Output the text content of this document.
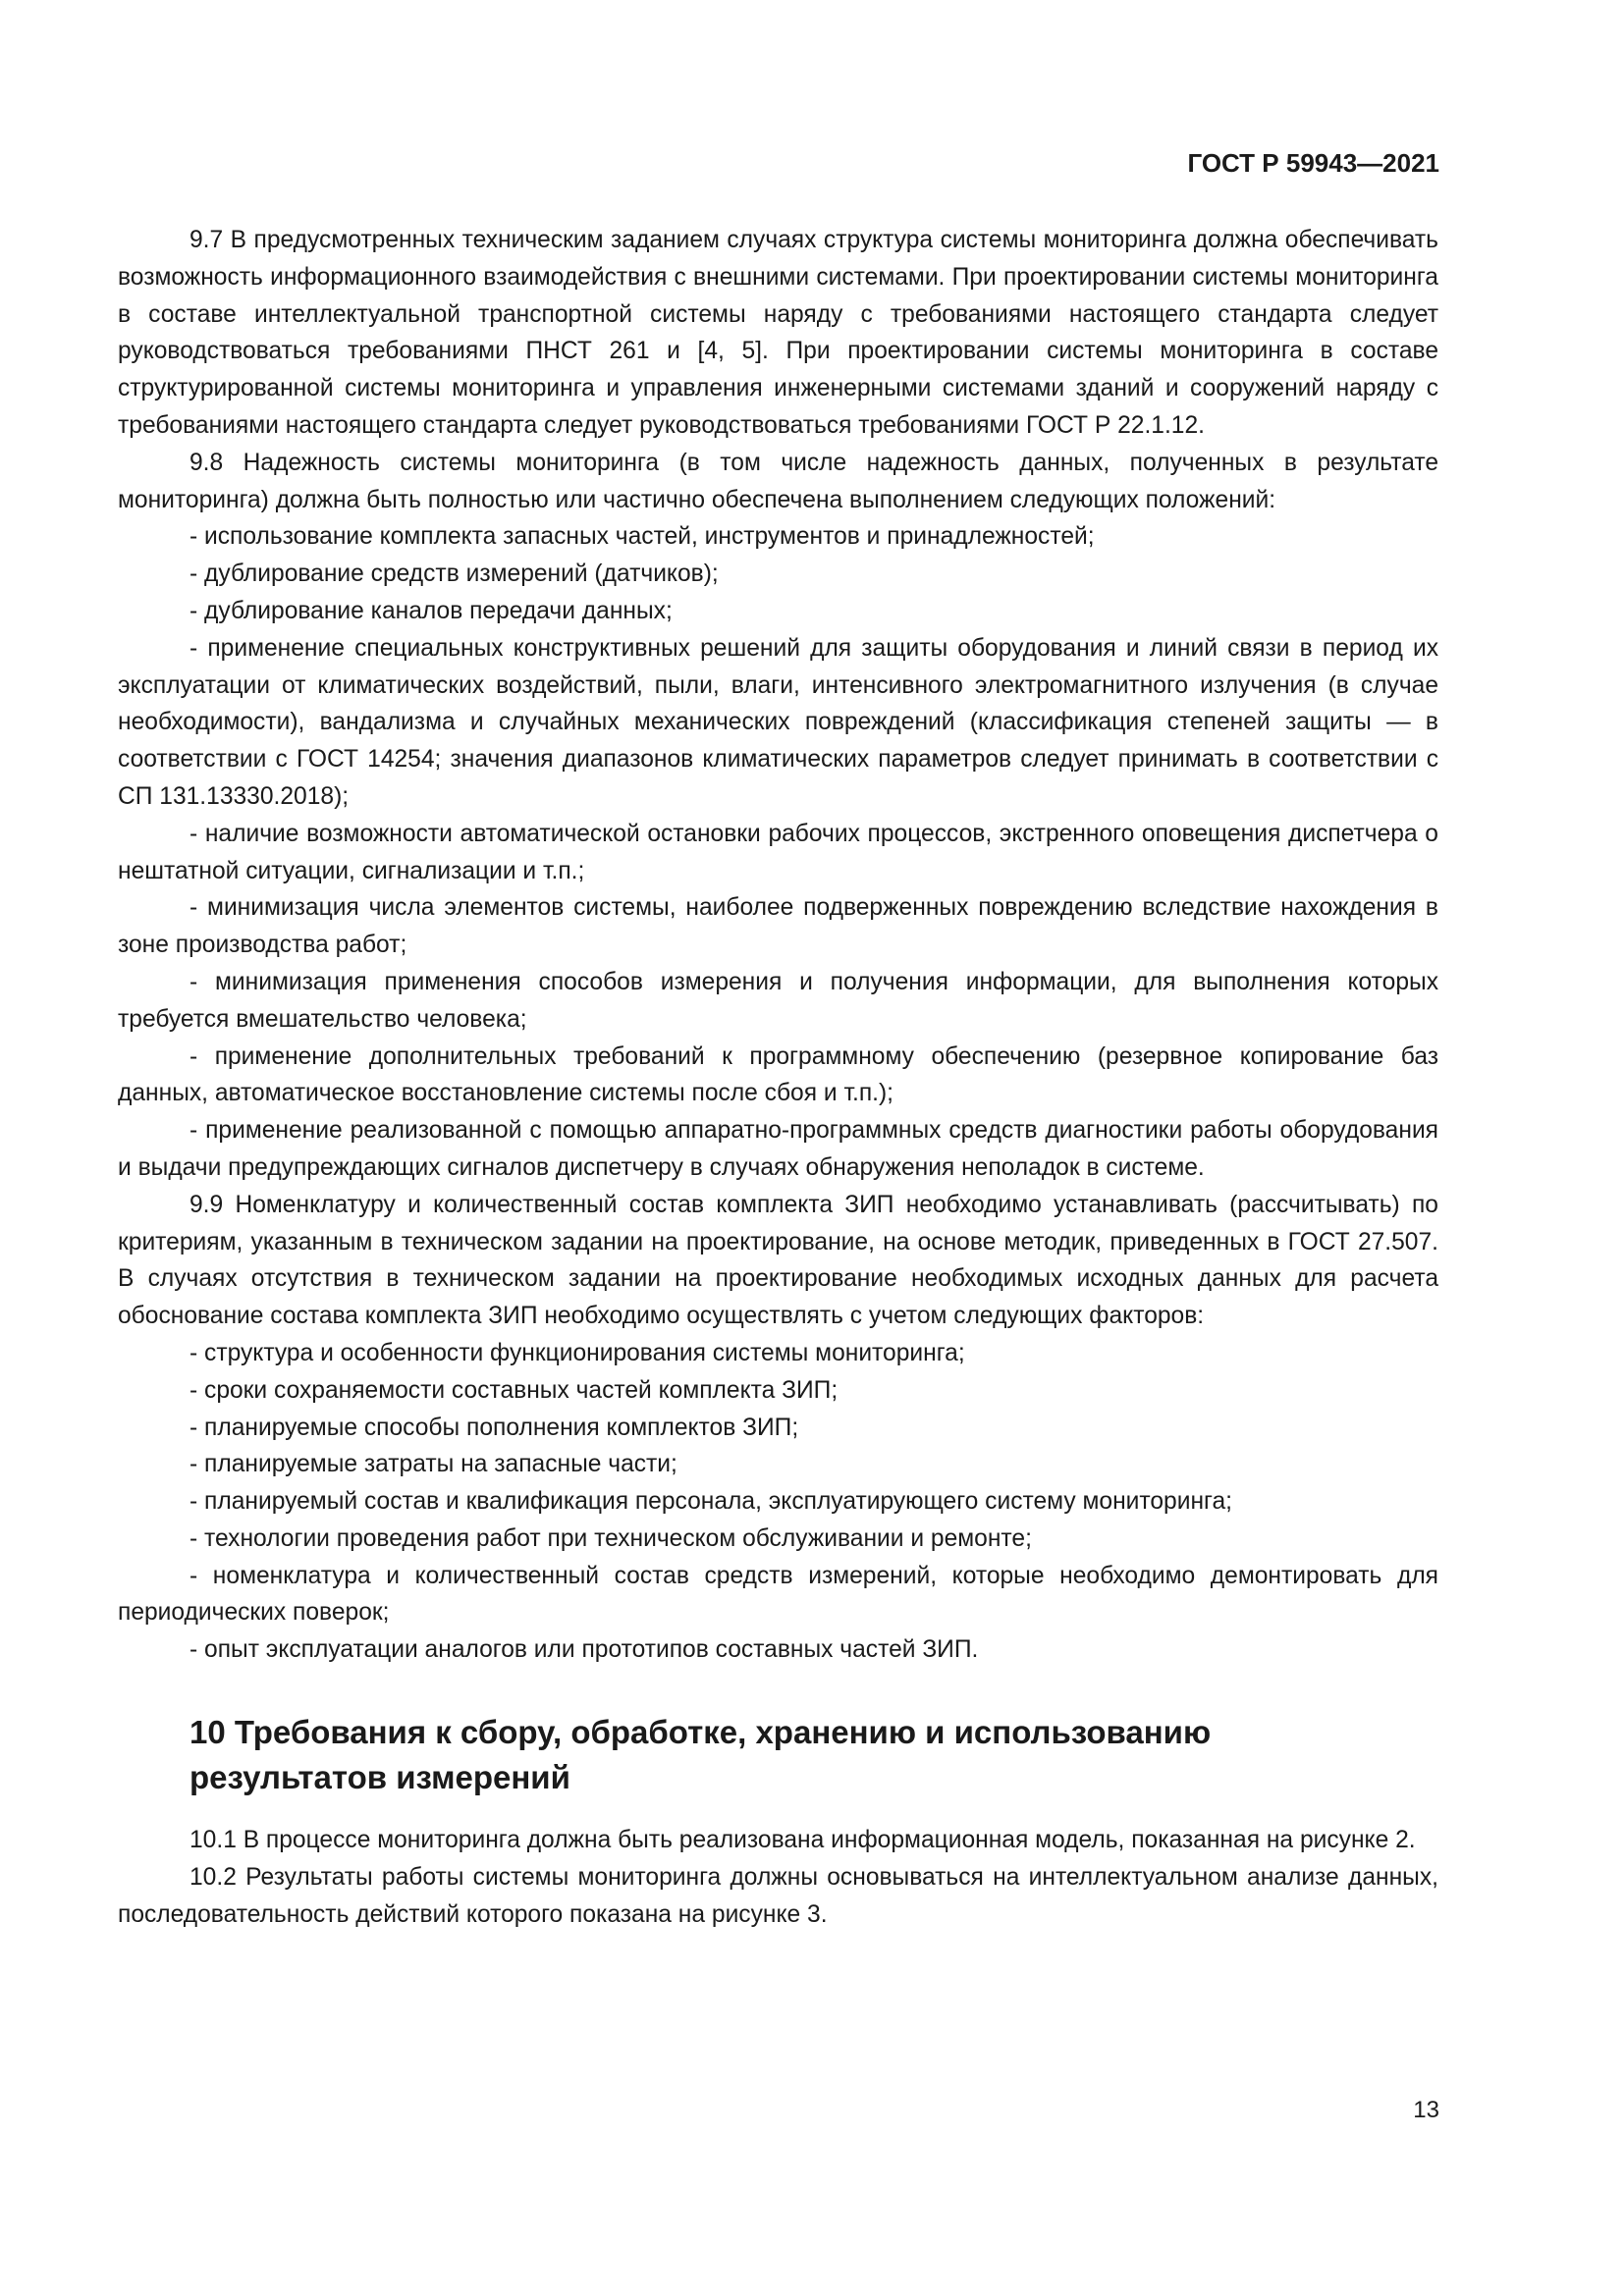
ГОСТ Р 59943—2021

9.7 В предусмотренных техническим заданием случаях структура системы мониторинга должна обеспечивать возможность информационного взаимодействия с внешними системами. При проектировании системы мониторинга в составе интеллектуальной транспортной системы наряду с требованиями настоящего стандарта следует руководствоваться требованиями ПНСТ 261 и [4, 5]. При проектировании системы мониторинга в составе структурированной системы мониторинга и управления инженерными системами зданий и сооружений наряду с требованиями настоящего стандарта следует руководствоваться требованиями ГОСТ Р 22.1.12.

9.8 Надежность системы мониторинга (в том числе надежность данных, полученных в результате мониторинга) должна быть полностью или частично обеспечена выполнением следующих положений:

- использование комплекта запасных частей, инструментов и принадлежностей;

- дублирование средств измерений (датчиков);

- дублирование каналов передачи данных;

- применение специальных конструктивных решений для защиты оборудования и линий связи в период их эксплуатации от климатических воздействий, пыли, влаги, интенсивного электромагнитного излучения (в случае необходимости), вандализма и случайных механических повреждений (классификация степеней защиты — в соответствии с ГОСТ 14254; значения диапазонов климатических параметров следует принимать в соответствии с СП 131.13330.2018);

- наличие возможности автоматической остановки рабочих процессов, экстренного оповещения диспетчера о нештатной ситуации, сигнализации и т.п.;

- минимизация числа элементов системы, наиболее подверженных повреждению вследствие нахождения в зоне производства работ;

- минимизация применения способов измерения и получения информации, для выполнения которых требуется вмешательство человека;

- применение дополнительных требований к программному обеспечению (резервное копирование баз данных, автоматическое восстановление системы после сбоя и т.п.);

- применение реализованной с помощью аппаратно-программных средств диагностики работы оборудования и выдачи предупреждающих сигналов диспетчеру в случаях обнаружения неполадок в системе.

9.9 Номенклатуру и количественный состав комплекта ЗИП необходимо устанавливать (рассчитывать) по критериям, указанным в техническом задании на проектирование, на основе методик, приведенных в ГОСТ 27.507. В случаях отсутствия в техническом задании на проектирование необходимых исходных данных для расчета обоснование состава комплекта ЗИП необходимо осуществлять с учетом следующих факторов:

- структура и особенности функционирования системы мониторинга;

- сроки сохраняемости составных частей комплекта ЗИП;

- планируемые способы пополнения комплектов ЗИП;

- планируемые затраты на запасные части;

- планируемый состав и квалификация персонала, эксплуатирующего систему мониторинга;

- технологии проведения работ при техническом обслуживании и ремонте;

- номенклатура и количественный состав средств измерений, которые необходимо демонтировать для периодических поверок;

- опыт эксплуатации аналогов или прототипов составных частей ЗИП.

10 Требования к сбору, обработке, хранению и использованию
результатов измерений

10.1 В процессе мониторинга должна быть реализована информационная модель, показанная на рисунке 2.

10.2 Результаты работы системы мониторинга должны основываться на интеллектуальном анализе данных, последовательность действий которого показана на рисунке 3.

13
